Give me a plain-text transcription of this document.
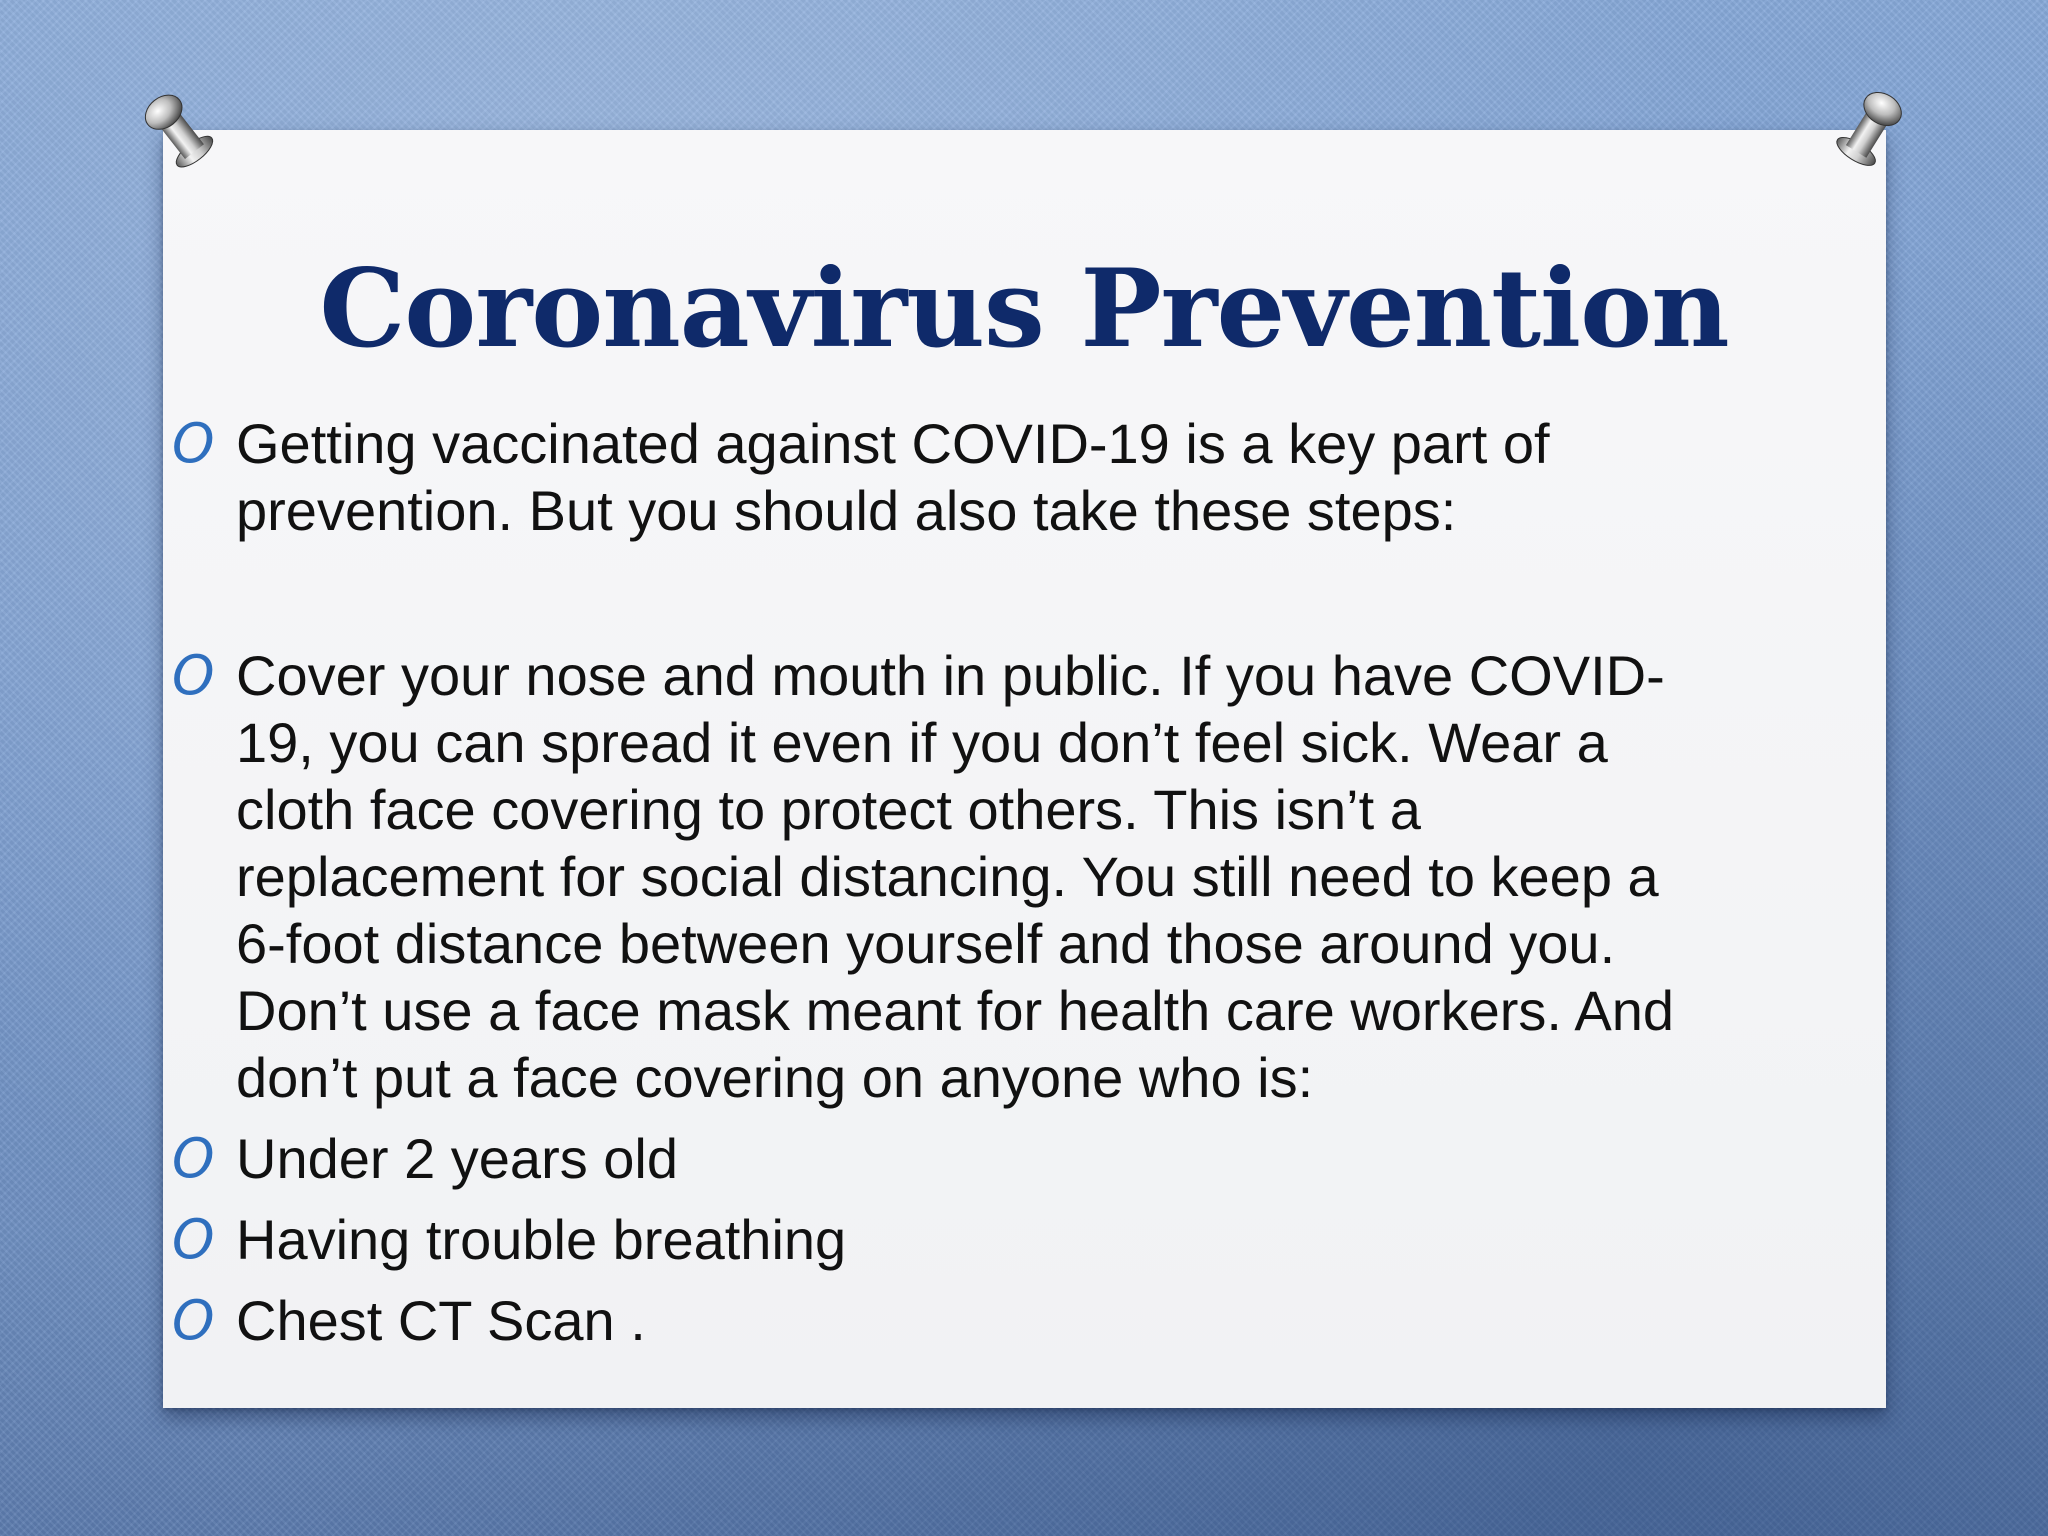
Coronavirus Prevention
O Getting vaccinated against COVID-19 is a key part of
prevention. But you should also take these steps:
O Cover your nose and mouth in public. If you have COVID-
19, you can spread it even if you don’t feel sick. Wear a
cloth face covering to protect others. This isn’t a
replacement for social distancing. You still need to keep a
6-foot distance between yourself and those around you.
Don’t use a face mask meant for health care workers. And
don’t put a face covering on anyone who is:
O Under 2 years old
O Having trouble breathing
O Chest CT Scan .
